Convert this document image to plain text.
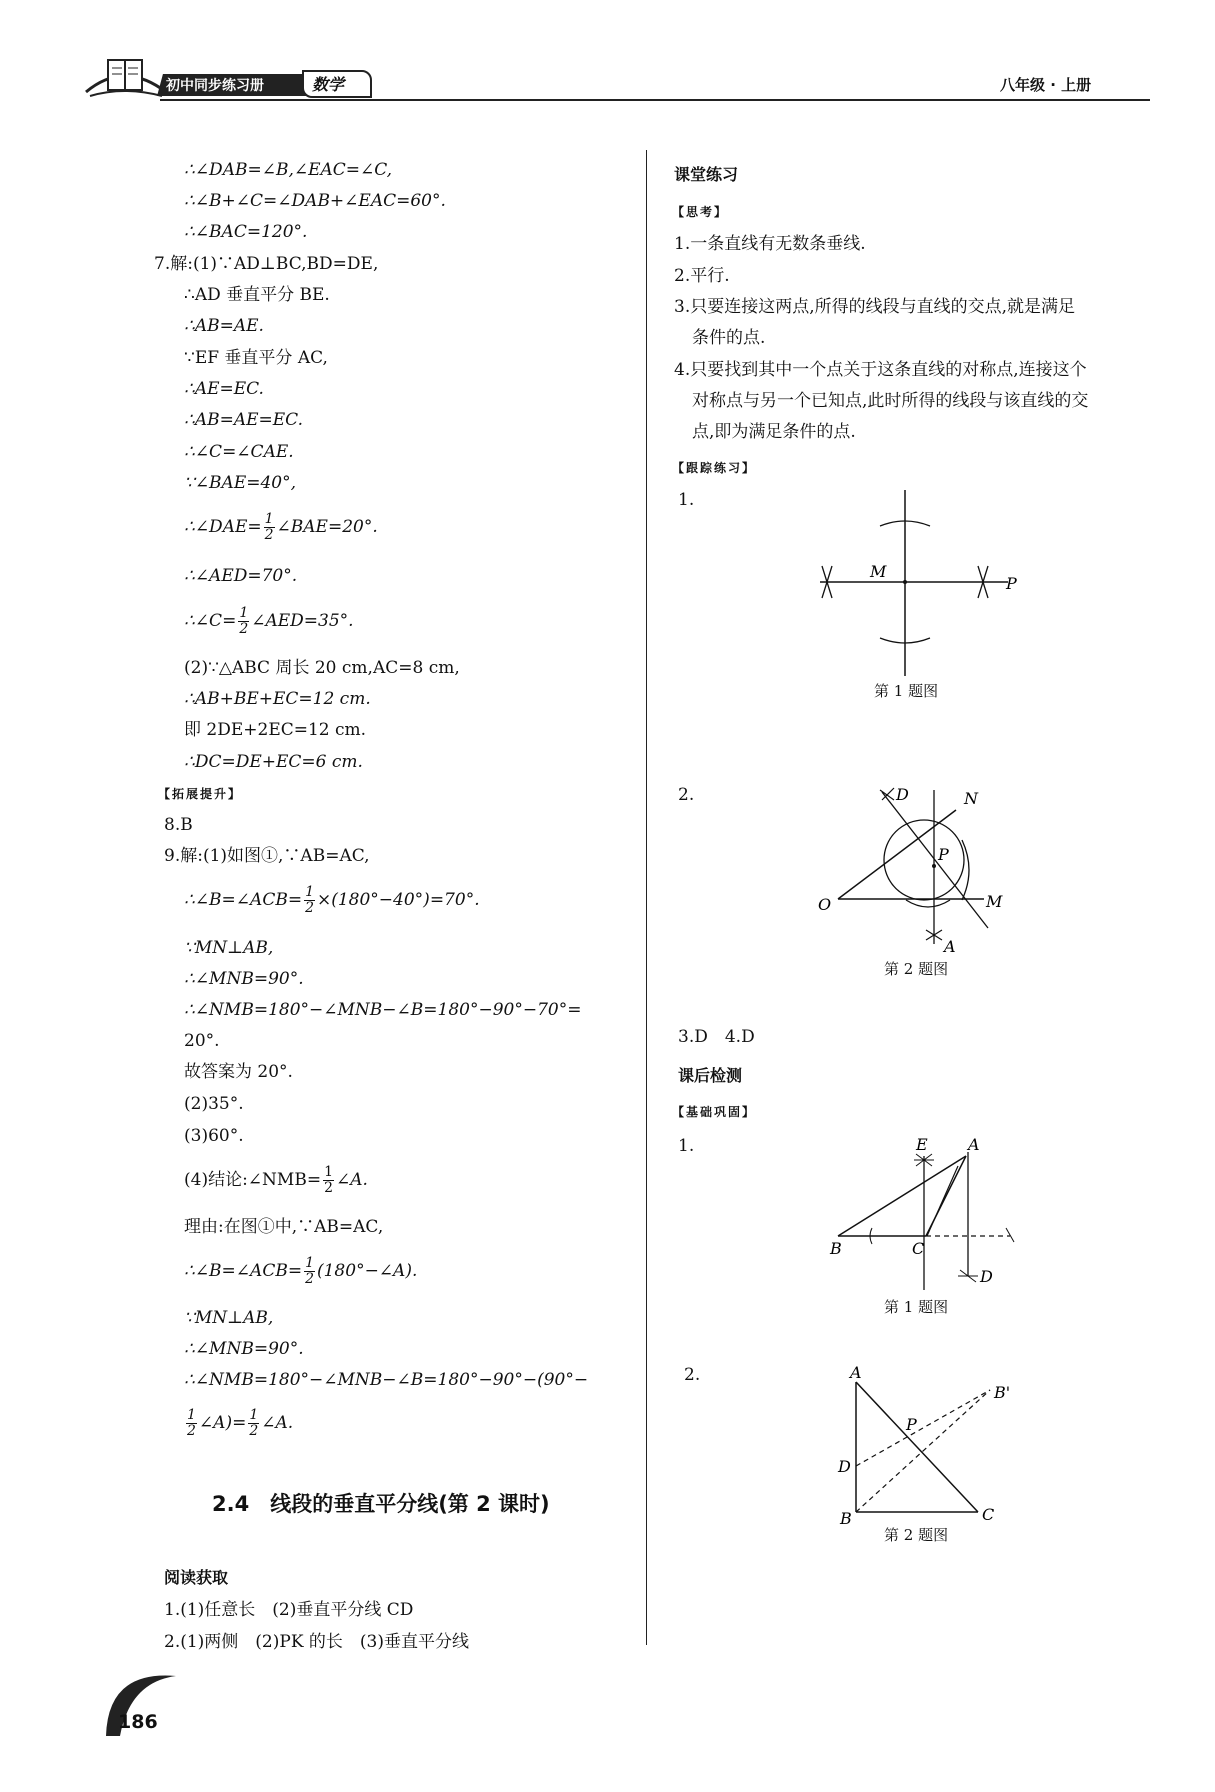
初中同步练习册	数学	八年级 · 上册
∴∠DAB=∠B,∠EAC=∠C,
∴∠B+∠C=∠DAB+∠EAC=60°.
∴∠BAC=120°.
7.解:(1)∵AD⊥BC,BD=DE,
∴AD 垂直平分 BE.
∴AB=AE.
∵EF 垂直平分 AC,
∴AE=EC.
∴AB=AE=EC.
∴∠C=∠CAE.
∵∠BAE=40°,
∴∠DAE= $\frac{1}{2}$ ∠BAE=20°.
∴∠AED=70°.
∴∠C= $\frac{1}{2}$ ∠AED=35°.
(2)∵△ABC 周长 20 cm,AC=8 cm,
∴AB+BE+EC=12 cm.
即 2DE+2EC=12 cm.
∴DC=DE+EC=6 cm.
【拓展提升】
8.B
9.解:(1)如图①,∵AB=AC,
∴∠B=∠ACB= $\frac{1}{2} \times(180^\circ-40^\circ)=70^\circ$.
∵MN⊥AB,
∴∠MNB=90°.
∴∠NMB=180°−∠MNB−∠B=180°−90°−70°=
20°.
故答案为 20°.
(2)35°.
(3)60°.
(4)结论:∠NMB= $\frac{1}{2}$ ∠A.
理由:在图①中,∵AB=AC,
∴∠B=∠ACB= $\frac{1}{2}$ (180°−∠A).
∵MN⊥AB,
∴∠MNB=90°.
∴∠NMB=180°−∠MNB−∠B=180°−90°−(90°−
$\frac{1}{2}$ ∠A)= $\frac{1}{2}$ ∠A.
2.4　线段的垂直平分线(第 2 课时)
阅读获取
1.(1)任意长　(2)垂直平分线 CD
2.(1)两侧　(2)PK 的长　(3)垂直平分线
186
课堂练习
【思考】
1.一条直线有无数条垂线.
2.平行.
3.只要连接这两点,所得的线段与直线的交点,就是满足
条件的点.
4.只要找到其中一个点关于这条直线的对称点,连接这个
对称点与另一个已知点,此时所得的线段与该直线的交
点,即为满足条件的点.
【跟踪练习】
1.
M
P
第 1 题图
2.	D	N
P
O	M
A
第 2 题图
3.D　4.D
课后检测
【基础巩固】
1.	E	A
B	C
D
第 1 题图
2.	A
B'
P
D
B	C
第 2 题图
